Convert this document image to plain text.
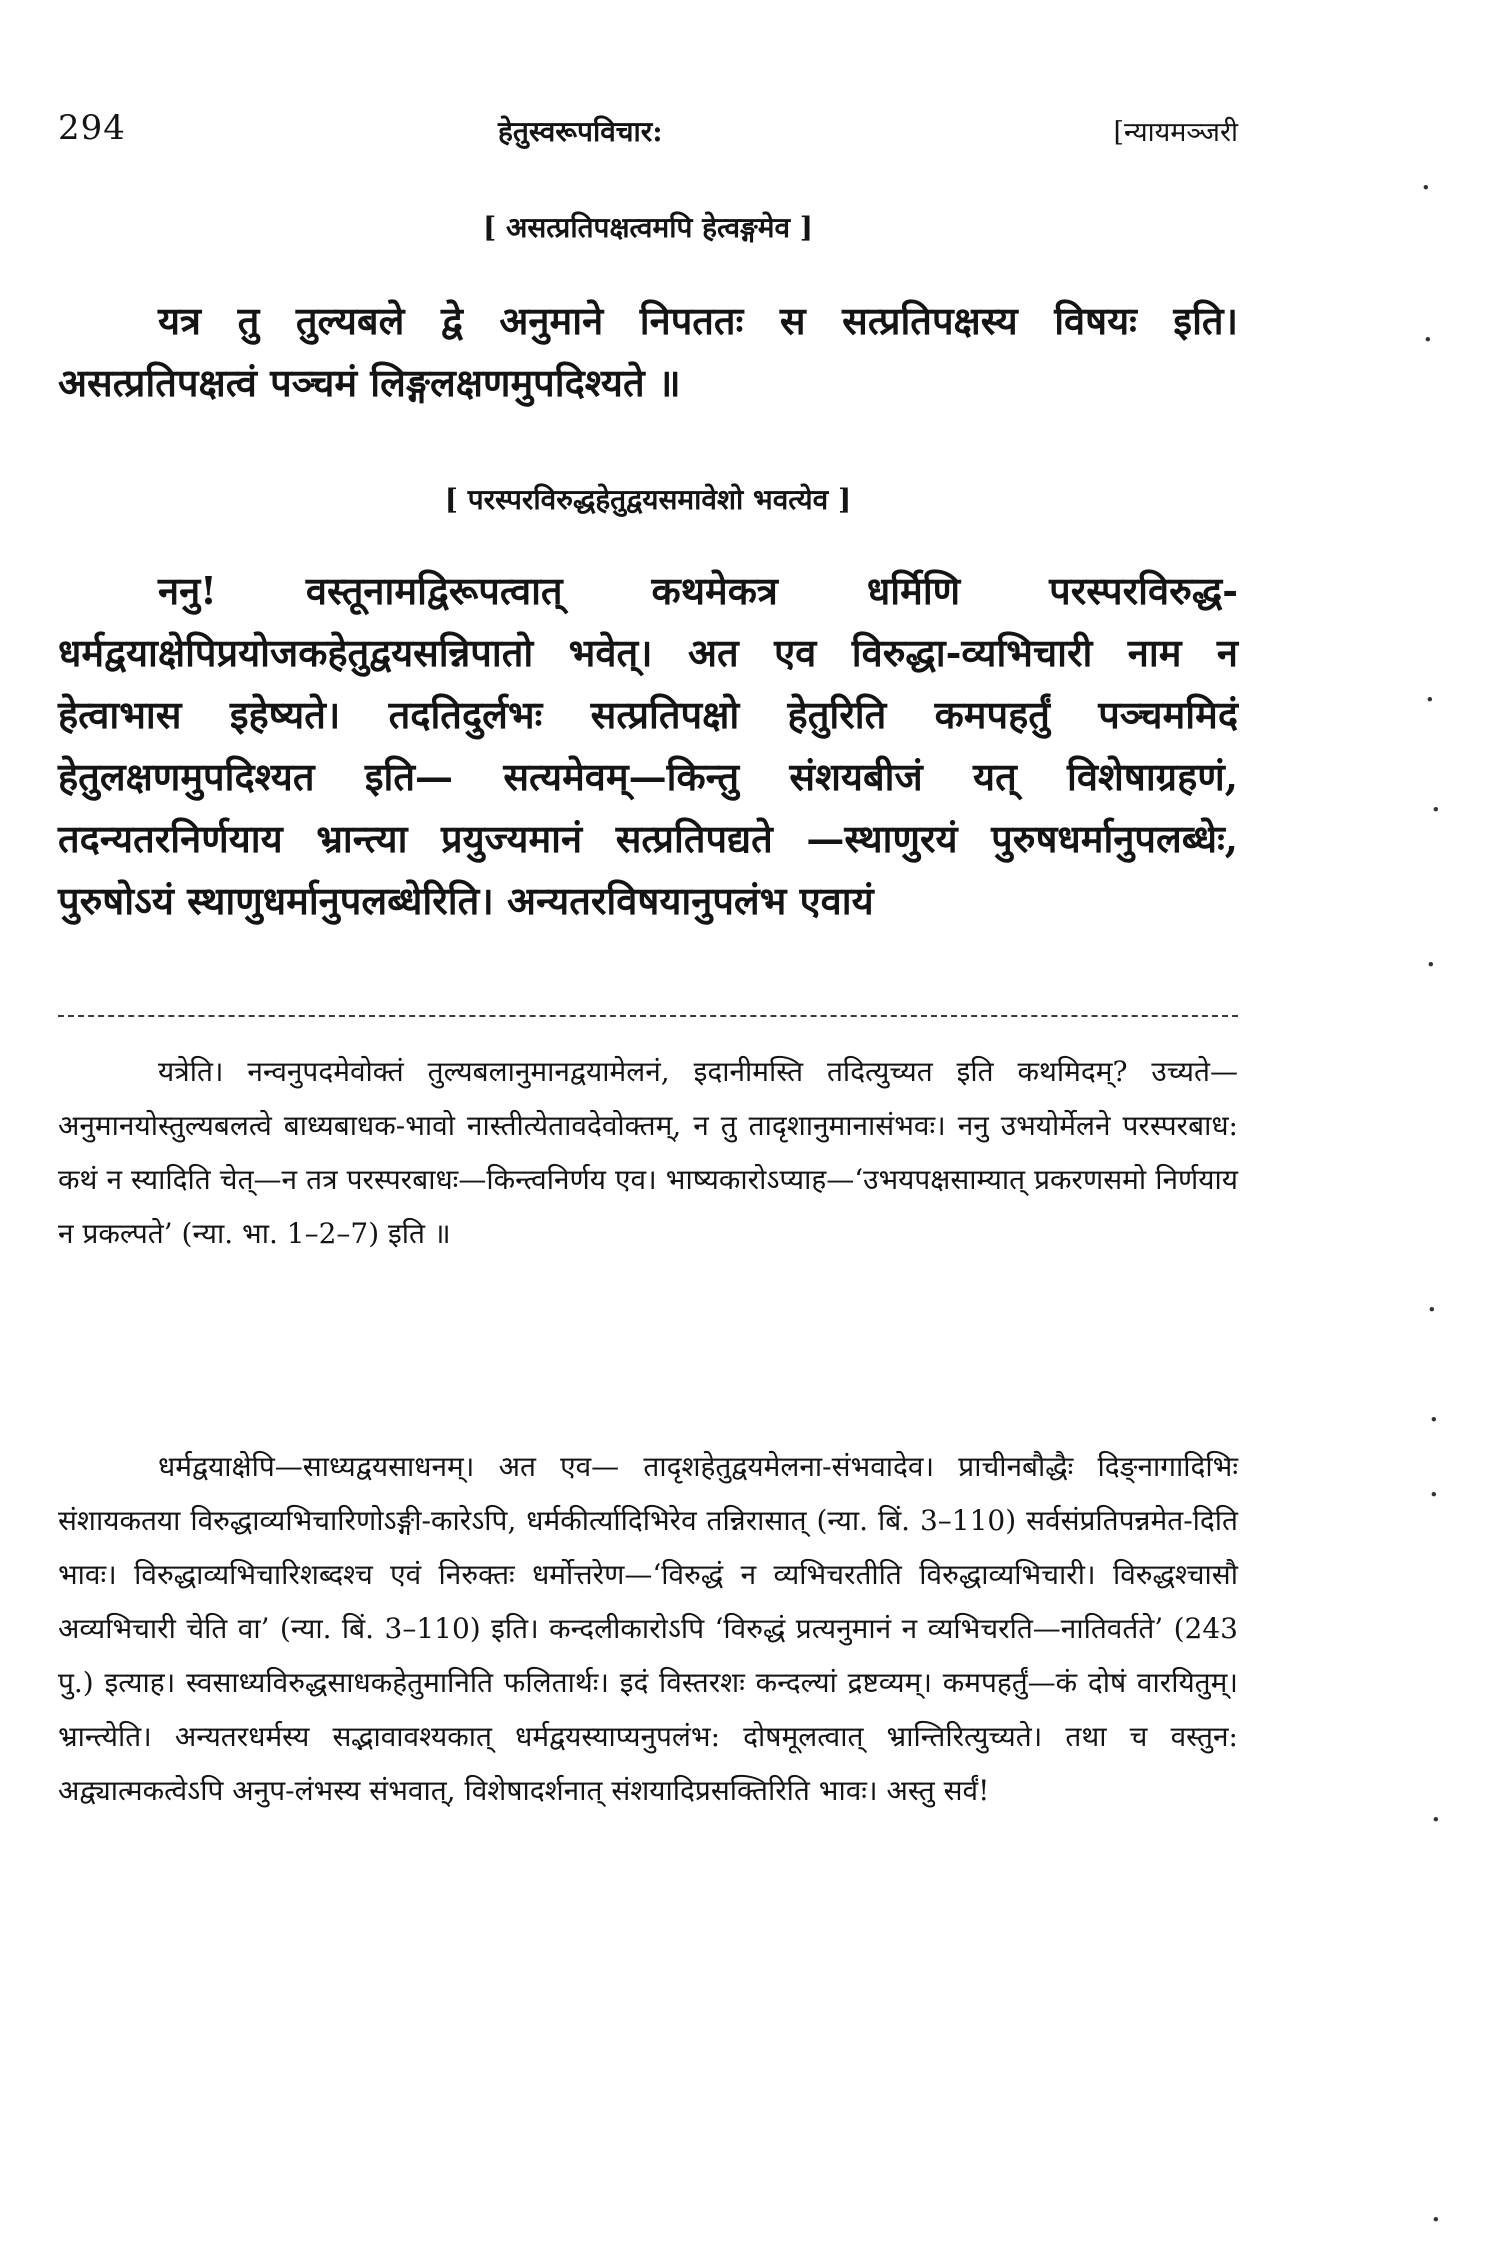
294	हेतुस्वरूपविचार:	[न्यायमञ्जरी
[ असत्प्रतिपक्षत्वमपि हेत्वङ्गमेव ]

यत्र तु तुल्यबले द्वे अनुमाने निपततः स सत्प्रतिपक्षस्य विषयः इति। असत्प्रतिपक्षत्वं पञ्चमं लिङ्गलक्षणमुपदिश्यते ॥

[ परस्परविरुद्धहेतुद्वयसमावेशो भवत्येव ]

ननु! वस्तूनामद्विरूपत्वात् कथमेकत्र धर्मिणि परस्परविरुद्ध-धर्मद्वयाक्षेपिप्रयोजकहेतुद्वयसन्निपातो भवेत्। अत एव विरुद्धा-व्यभिचारी नाम न हेत्वाभास इहेष्यते। तदतिदुर्लभः सत्प्रतिपक्षो हेतुरिति कमपहर्तुं पञ्चममिदं हेतुलक्षणमुपदिश्यत इति— सत्यमेवम्—किन्तु संशयबीजं यत् विशेषाग्रहणं, तदन्यतरनिर्णयाय भ्रान्त्या प्रयुज्यमानं सत्प्रतिपद्यते —स्थाणुरयं पुरुषधर्मानुपलब्धेः, पुरुषोऽयं स्थाणुधर्मानुपलब्धेरिति। अन्यतरविषयानुपलंभ एवायं

यत्रेति। नन्वनुपदमेवोक्तं तुल्यबलानुमानद्वयामेलनं, इदानीमस्ति तदित्युच्यत इति कथमिदम्? उच्यते—अनुमानयोस्तुल्यबलत्वे बाध्यबाधक-भावो नास्तीत्येतावदेवोक्तम्, न तु तादृशानुमानासंभवः। ननु उभयोर्मेलने परस्परबाध: कथं न स्यादिति चेत्—न तत्र परस्परबाधः—किन्त्वनिर्णय एव। भाष्यकारोऽप्याह—‘उभयपक्षसाम्यात् प्रकरणसमो निर्णयाय न प्रकल्पते’ (न्या. भा. 1–2–7) इति ॥

धर्मद्वयाक्षेपि—साध्यद्वयसाधनम्। अत एव— तादृशहेतुद्वयमेलना-संभवादेव। प्राचीनबौद्धैः दिङ्नागादिभिः संशायकतया विरुद्धाव्यभिचारिणोऽङ्गी-कारेऽपि, धर्मकीर्त्यादिभिरेव तन्निरासात् (न्या. बिं. 3–110) सर्वसंप्रतिपन्नमेत-दिति भावः। विरुद्धाव्यभिचारिशब्दश्च एवं निरुक्तः धर्मोत्तरेण—‘विरुद्धं न व्यभिचरतीति विरुद्धाव्यभिचारी। विरुद्धश्चासौ अव्यभिचारी चेति वा’ (न्या. बिं. 3–110) इति। कन्दलीकारोऽपि ‘विरुद्धं प्रत्यनुमानं न व्यभिचरति—नातिवर्तते’ (243 पु.) इत्याह। स्वसाध्यविरुद्धसाधकहेतुमानिति फलितार्थः। इदं विस्तरशः कन्दल्यां द्रष्टव्यम्। कमपहर्तुं—कं दोषं वारयितुम्। भ्रान्त्येति। अन्यतरधर्मस्य सद्भावावश्यकात् धर्मद्वयस्याप्यनुपलंभ: दोषमूलत्वात् भ्रान्तिरित्युच्यते। तथा च वस्तुन: अद्व्यात्मकत्वेऽपि अनुप-लंभस्य संभवात्, विशेषादर्शनात् संशयादिप्रसक्तिरिति भावः। अस्तु सर्वं!

⋅
⋅
⋅
⋅
⋅
⋅
⋅
⋅
⋅
⋅
